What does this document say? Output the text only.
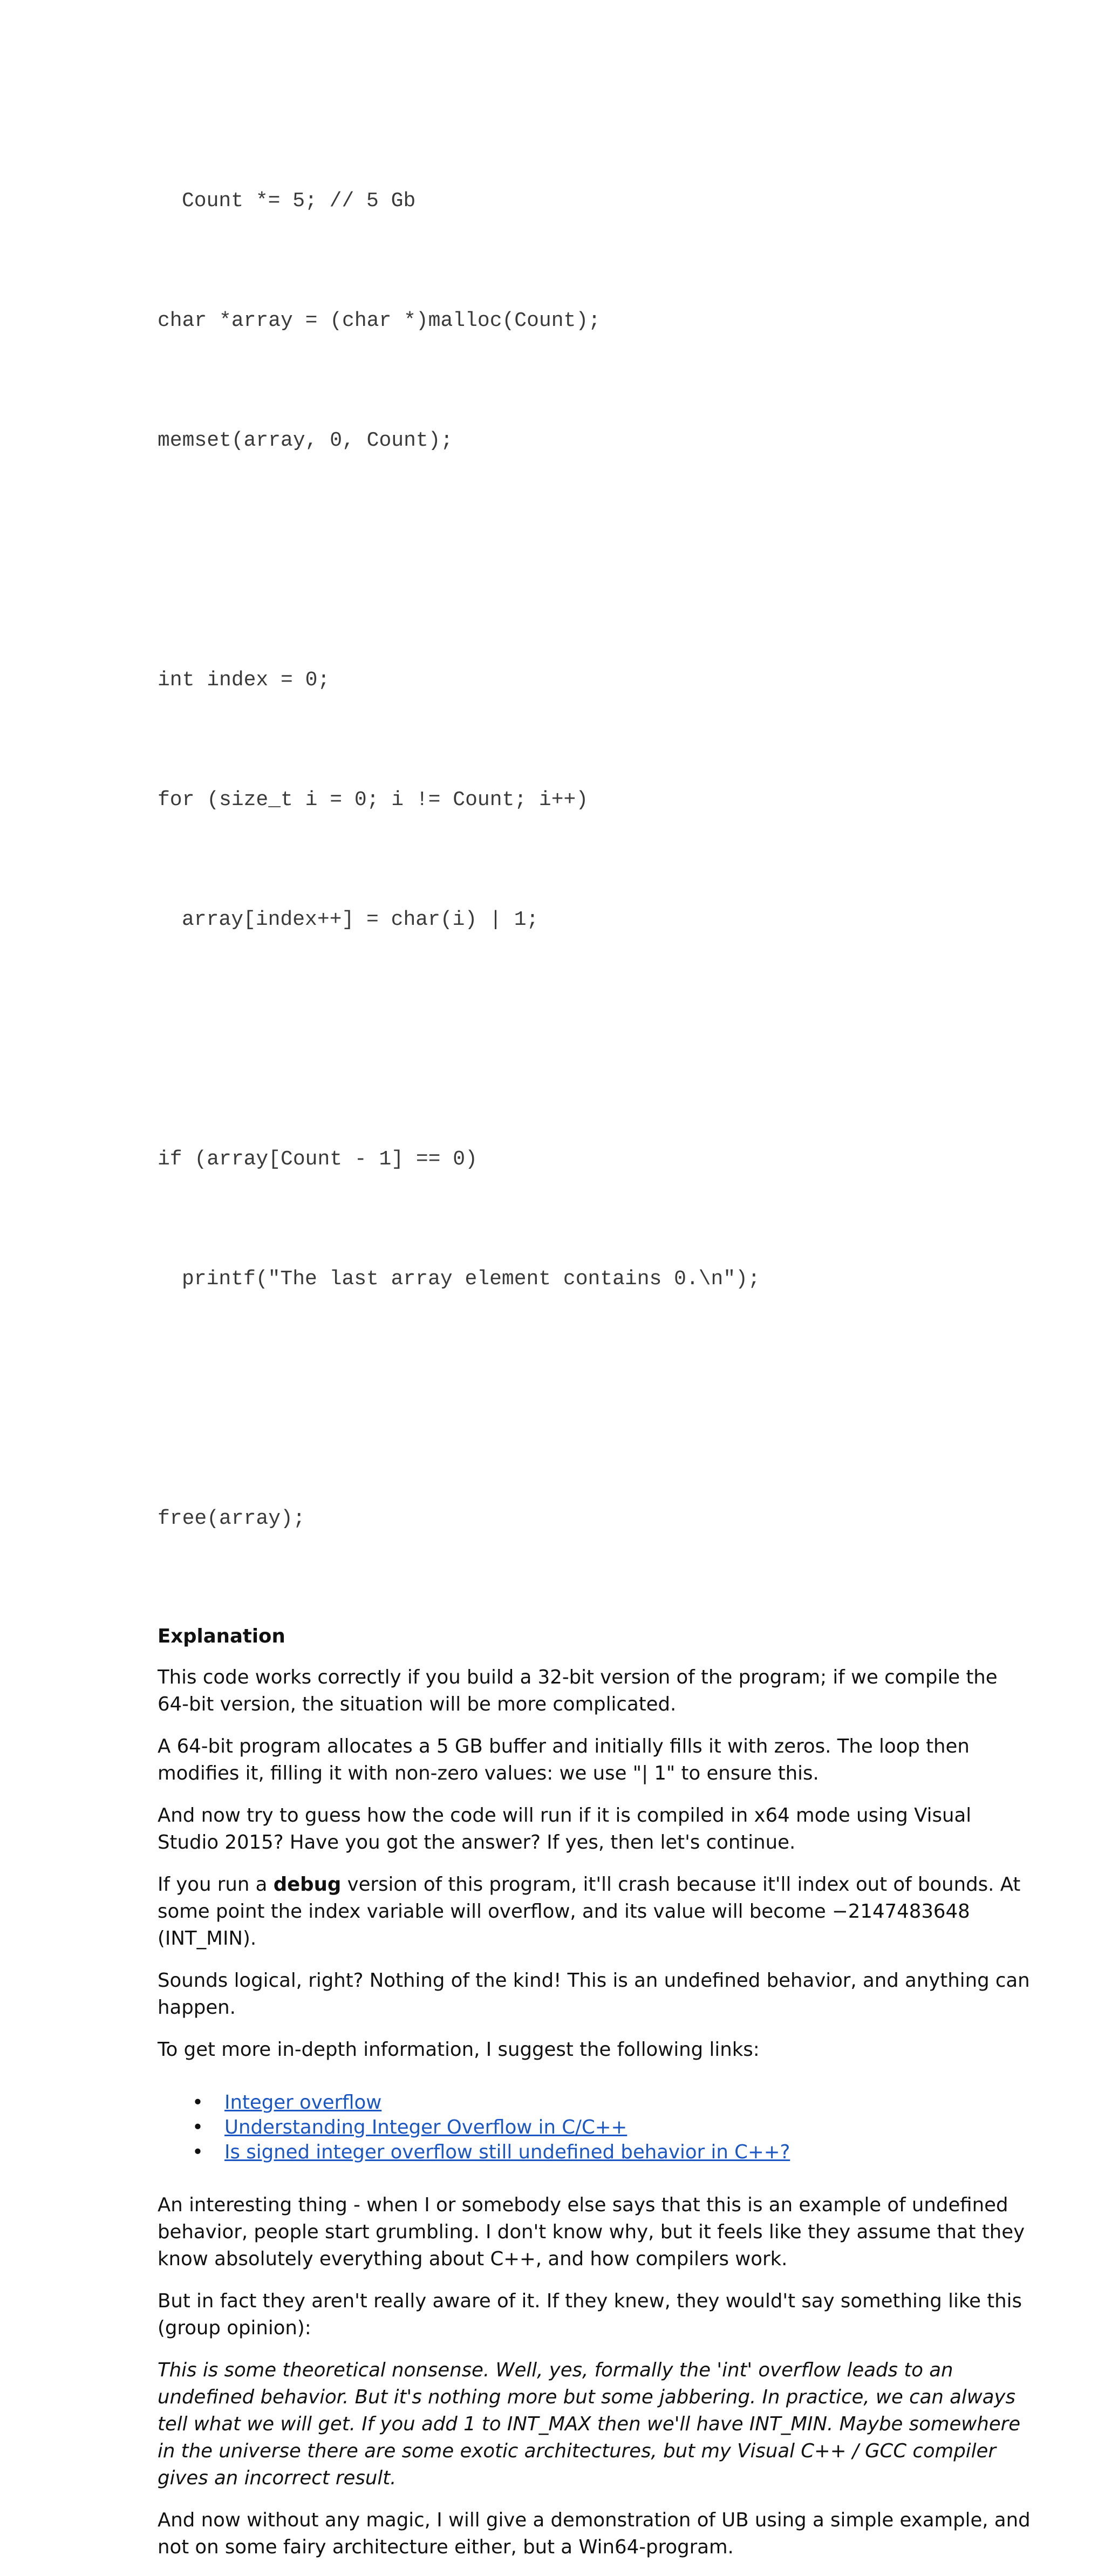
Count *= 5; // 5 Gb

char *array = (char *)malloc(Count);

memset(array, 0, Count);

int index = 0;

for (size_t i = 0; i != Count; i++)

array[index++] = char(i) | 1;

if (array[Count - 1] == 0)

printf("The last array element contains 0.\n");

free(array);

Explanation

This code works correctly if you build a 32-bit version of the program; if we compile the 64-bit version, the situation will be more complicated.

A 64-bit program allocates a 5 GB buffer and initially fills it with zeros. The loop then modifies it, filling it with non-zero values: we use "| 1" to ensure this.

And now try to guess how the code will run if it is compiled in x64 mode using Visual Studio 2015? Have you got the answer? If yes, then let's continue.

If you run a debug version of this program, it'll crash because it'll index out of bounds. At some point the index variable will overflow, and its value will become −2147483648 (INT_MIN).

Sounds logical, right? Nothing of the kind! This is an undefined behavior, and anything can happen.

To get more in-depth information, I suggest the following links:

• Integer overflow
• Understanding Integer Overflow in C/C++
• Is signed integer overflow still undefined behavior in C++?

An interesting thing - when I or somebody else says that this is an example of undefined behavior, people start grumbling. I don't know why, but it feels like they assume that they know absolutely everything about C++, and how compilers work.

But in fact they aren't really aware of it. If they knew, they would't say something like this (group opinion):

This is some theoretical nonsense. Well, yes, formally the 'int' overflow leads to an undefined behavior. But it's nothing more but some jabbering. In practice, we can always tell what we will get. If you add 1 to INT_MAX then we'll have INT_MIN. Maybe somewhere in the universe there are some exotic architectures, but my Visual C++ / GCC compiler gives an incorrect result.

And now without any magic, I will give a demonstration of UB using a simple example, and not on some fairy architecture either, but a Win64-program.
